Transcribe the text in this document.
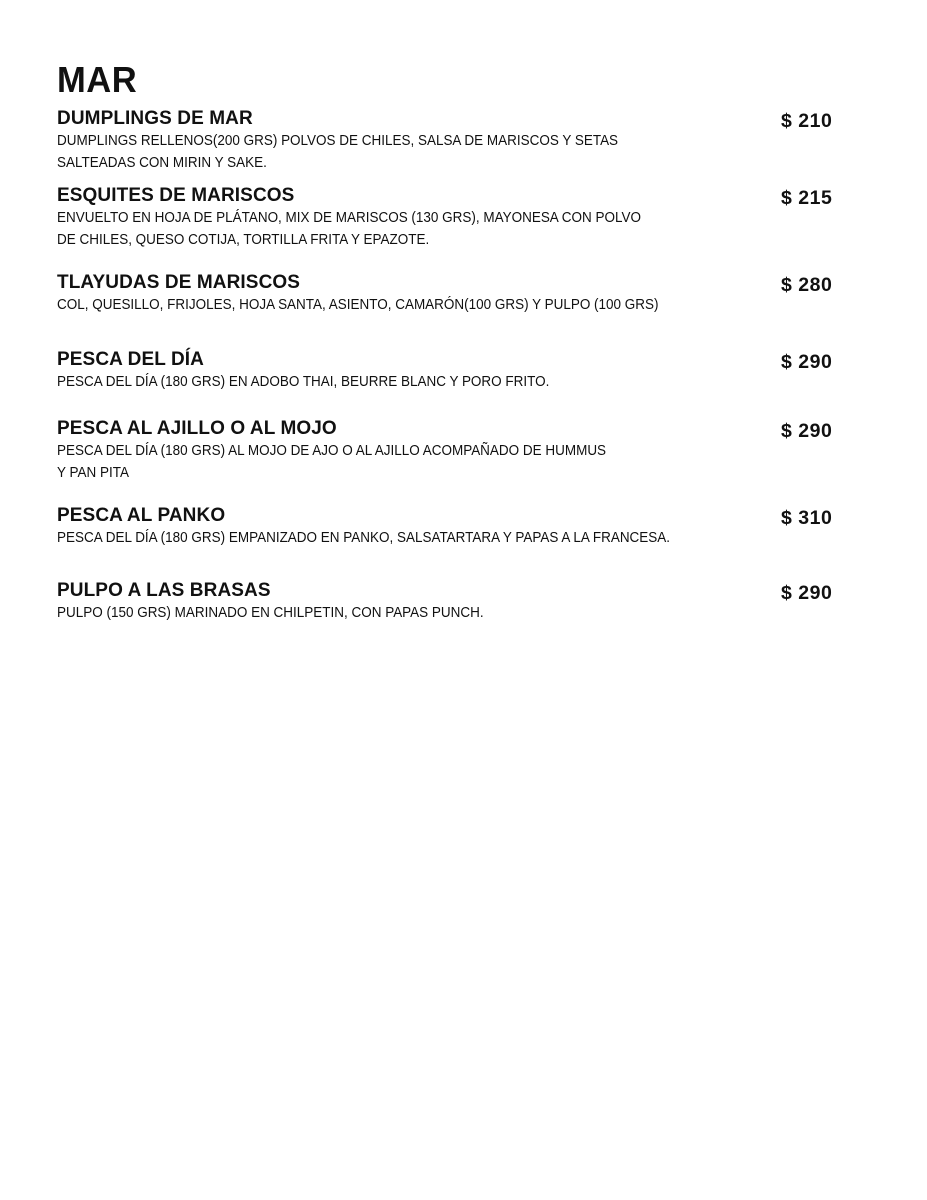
MAR
DUMPLINGS DE MAR
DUMPLINGS RELLENOS(200 GRS) POLVOS DE CHILES, SALSA DE MARISCOS Y SETAS
SALTEADAS CON MIRIN Y SAKE.
$ 210
ESQUITES DE MARISCOS
ENVUELTO EN HOJA DE PLÁTANO, MIX DE MARISCOS (130 GRS), MAYONESA CON POLVO
DE CHILES, QUESO COTIJA, TORTILLA FRITA Y EPAZOTE.
$ 215
TLAYUDAS DE MARISCOS
COL, QUESILLO, FRIJOLES, HOJA SANTA, ASIENTO, CAMARÓN(100 GRS) Y PULPO (100 GRS)
$ 280
PESCA DEL DÍA
PESCA DEL DÍA (180 GRS) EN ADOBO THAI, BEURRE BLANC Y PORO FRITO.
$ 290
PESCA AL AJILLO O AL MOJO
PESCA DEL DÍA (180 GRS) AL MOJO DE AJO O AL AJILLO ACOMPAÑADO DE HUMMUS
Y PAN PITA
$ 290
PESCA AL PANKO
PESCA DEL DÍA (180 GRS) EMPANIZADO EN PANKO, SALSATARTARA Y PAPAS A LA FRANCESA.
$ 310
PULPO A LAS BRASAS
PULPO (150 GRS) MARINADO EN CHILPETIN, CON PAPAS PUNCH.
$ 290
